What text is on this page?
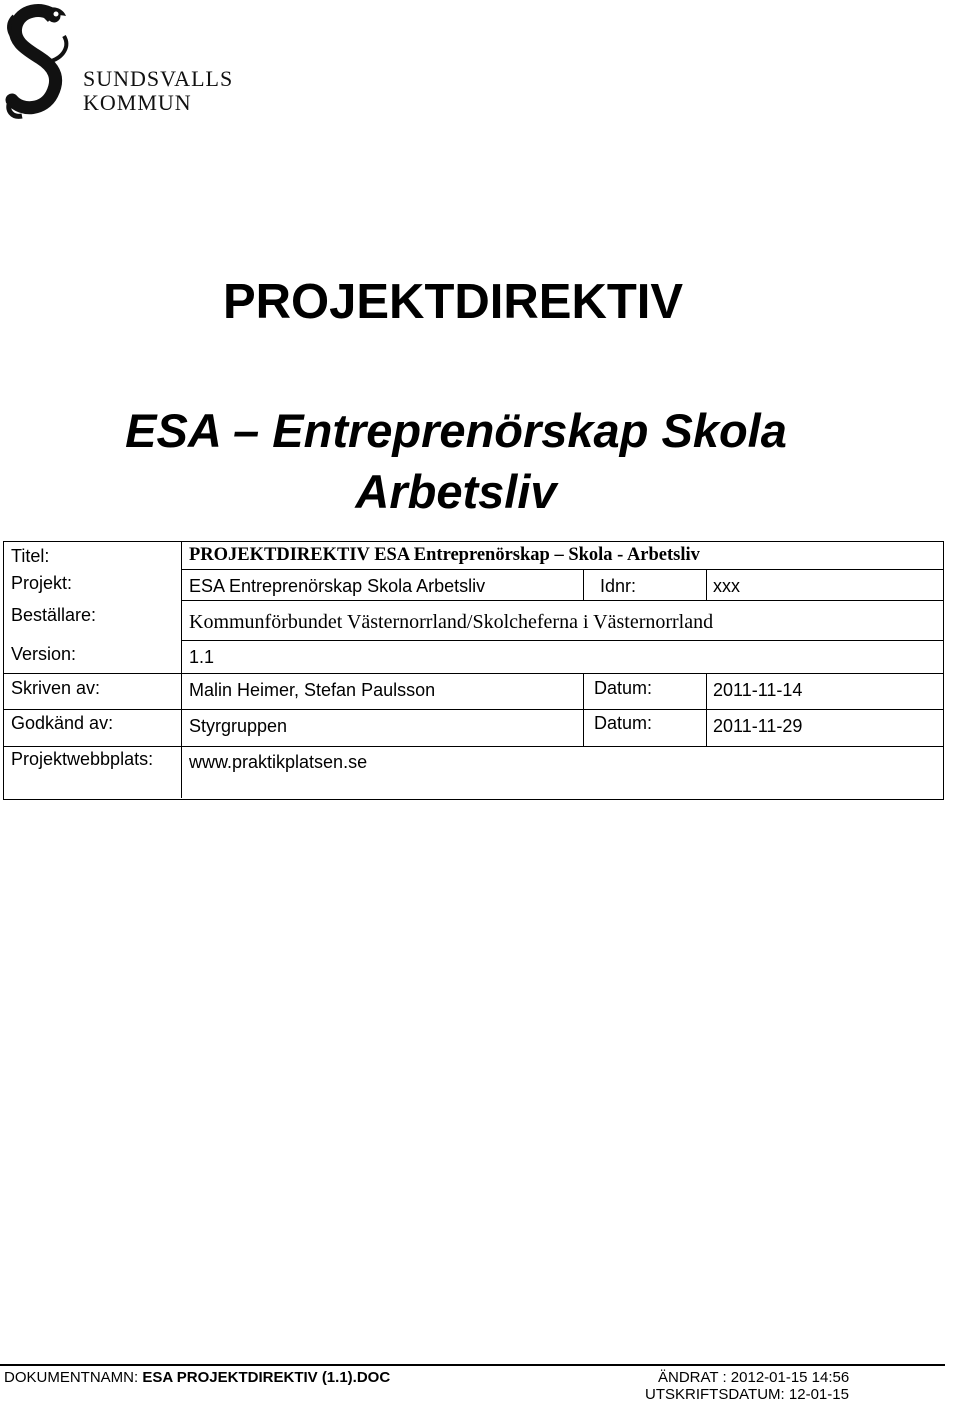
SUNDSVALLS
KOMMUN
PROJEKTDIREKTIV
ESA – Entreprenörskap Skola
Arbetsliv
Titel:	PROJEKTDIREKTIV ESA Entreprenörskap – Skola - Arbetsliv
Projekt:	ESA Entreprenörskap Skola Arbetsliv	Idnr:	xxx
Beställare:	Kommunförbundet Västernorrland/Skolcheferna i Västernorrland
Version:	1.1
Skriven av:	Malin Heimer, Stefan Paulsson	Datum:	2011-11-14
Godkänd av:	Styrgruppen	Datum:	2011-11-29
Projektwebbplats: www.praktikplatsen.se
DOKUMENTNAMN: ESA PROJEKTDIREKTIV (1.1).DOC	ÄNDRAT : 2012-01-15 14:56
UTSKRIFTSDATUM: 12-01-15
